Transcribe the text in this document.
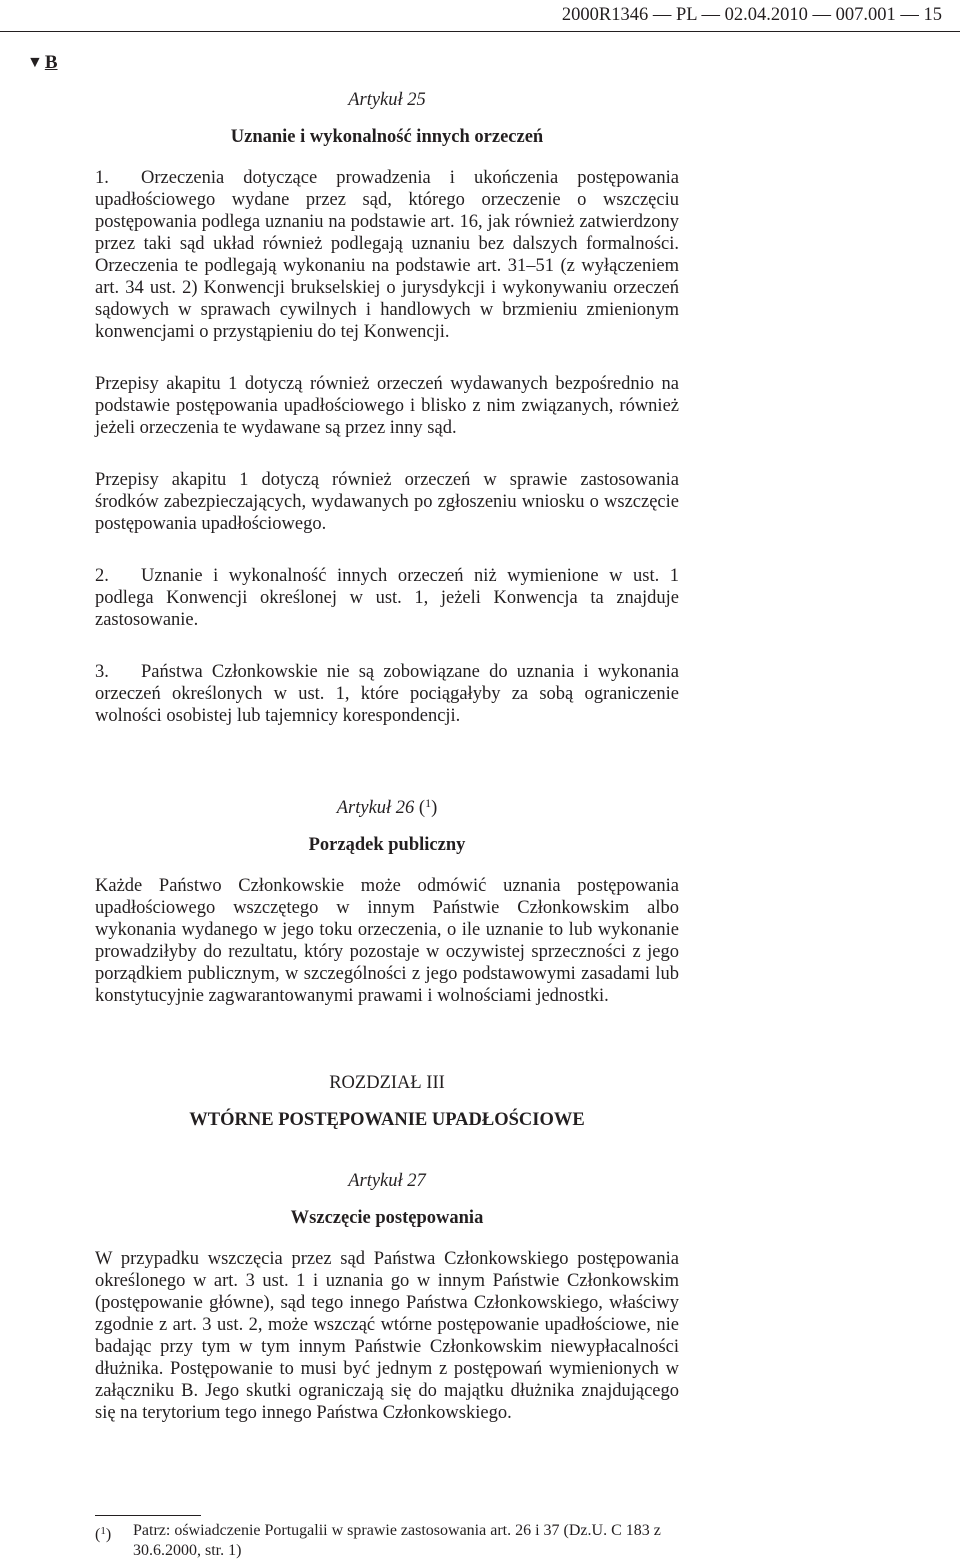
2000R1346 — PL — 02.04.2010 — 007.001 — 15
▼ B

Artykuł 25

Uznanie i wykonalność innych orzeczeń

1. Orzeczenia dotyczące prowadzenia i ukończenia postępowania upadłościowego wydane przez sąd, którego orzeczenie o wszczęciu postępowania podlega uznaniu na podstawie art. 16, jak również zatwierdzony przez taki sąd układ również podlegają uznaniu bez dalszych formalności. Orzeczenia te podlegają wykonaniu na podstawie art. 31–51 (z wyłączeniem art. 34 ust. 2) Konwencji brukselskiej o jurysdykcji i wykonywaniu orzeczeń sądowych w sprawach cywilnych i handlowych w brzmieniu zmienionym konwencjami o przystąpieniu do tej Konwencji.

Przepisy akapitu 1 dotyczą również orzeczeń wydawanych bezpośrednio na podstawie postępowania upadłościowego i blisko z nim związanych, również jeżeli orzeczenia te wydawane są przez inny sąd.

Przepisy akapitu 1 dotyczą również orzeczeń w sprawie zastosowania środków zabezpieczających, wydawanych po zgłoszeniu wniosku o wszczęcie postępowania upadłościowego.

2. Uznanie i wykonalność innych orzeczeń niż wymienione w ust. 1 podlega Konwencji określonej w ust. 1, jeżeli Konwencja ta znajduje zastosowanie.

3. Państwa Członkowskie nie są zobowiązane do uznania i wykonania orzeczeń określonych w ust. 1, które pociągałyby za sobą ograniczenie wolności osobistej lub tajemnicy korespondencji.

Artykuł 26 ($^1$)

Porządek publiczny

Każde Państwo Członkowskie może odmówić uznania postępowania upadłościowego wszczętego w innym Państwie Członkowskim albo wykonania wydanego w jego toku orzeczenia, o ile uznanie to lub wykonanie prowadziłyby do rezultatu, który pozostaje w oczywistej sprzeczności z jego porządkiem publicznym, w szczególności z jego podstawowymi zasadami lub konstytucyjnie zagwarantowanymi prawami i wolnościami jednostki.

ROZDZIAŁ III

WTÓRNE POSTĘPOWANIE UPADŁOŚCIOWE

Artykuł 27

Wszczęcie postępowania

W przypadku wszczęcia przez sąd Państwa Członkowskiego postępowania określonego w art. 3 ust. 1 i uznania go w innym Państwie Członkowskim (postępowanie główne), sąd tego innego Państwa Członkowskiego, właściwy zgodnie z art. 3 ust. 2, może wszcząć wtórne postępowanie upadłościowe, nie badając przy tym w tym innym Państwie Członkowskim niewypłacalności dłużnika. Postępowanie to musi być jednym z postępowań wymienionych w załączniku B. Jego skutki ograniczają się do majątku dłużnika znajdującego się na terytorium tego innego Państwa Członkowskiego.

($^1$) Patrz: oświadczenie Portugalii w sprawie zastosowania art. 26 i 37 (Dz.U. C 183 z 30.6.2000, str. 1)
